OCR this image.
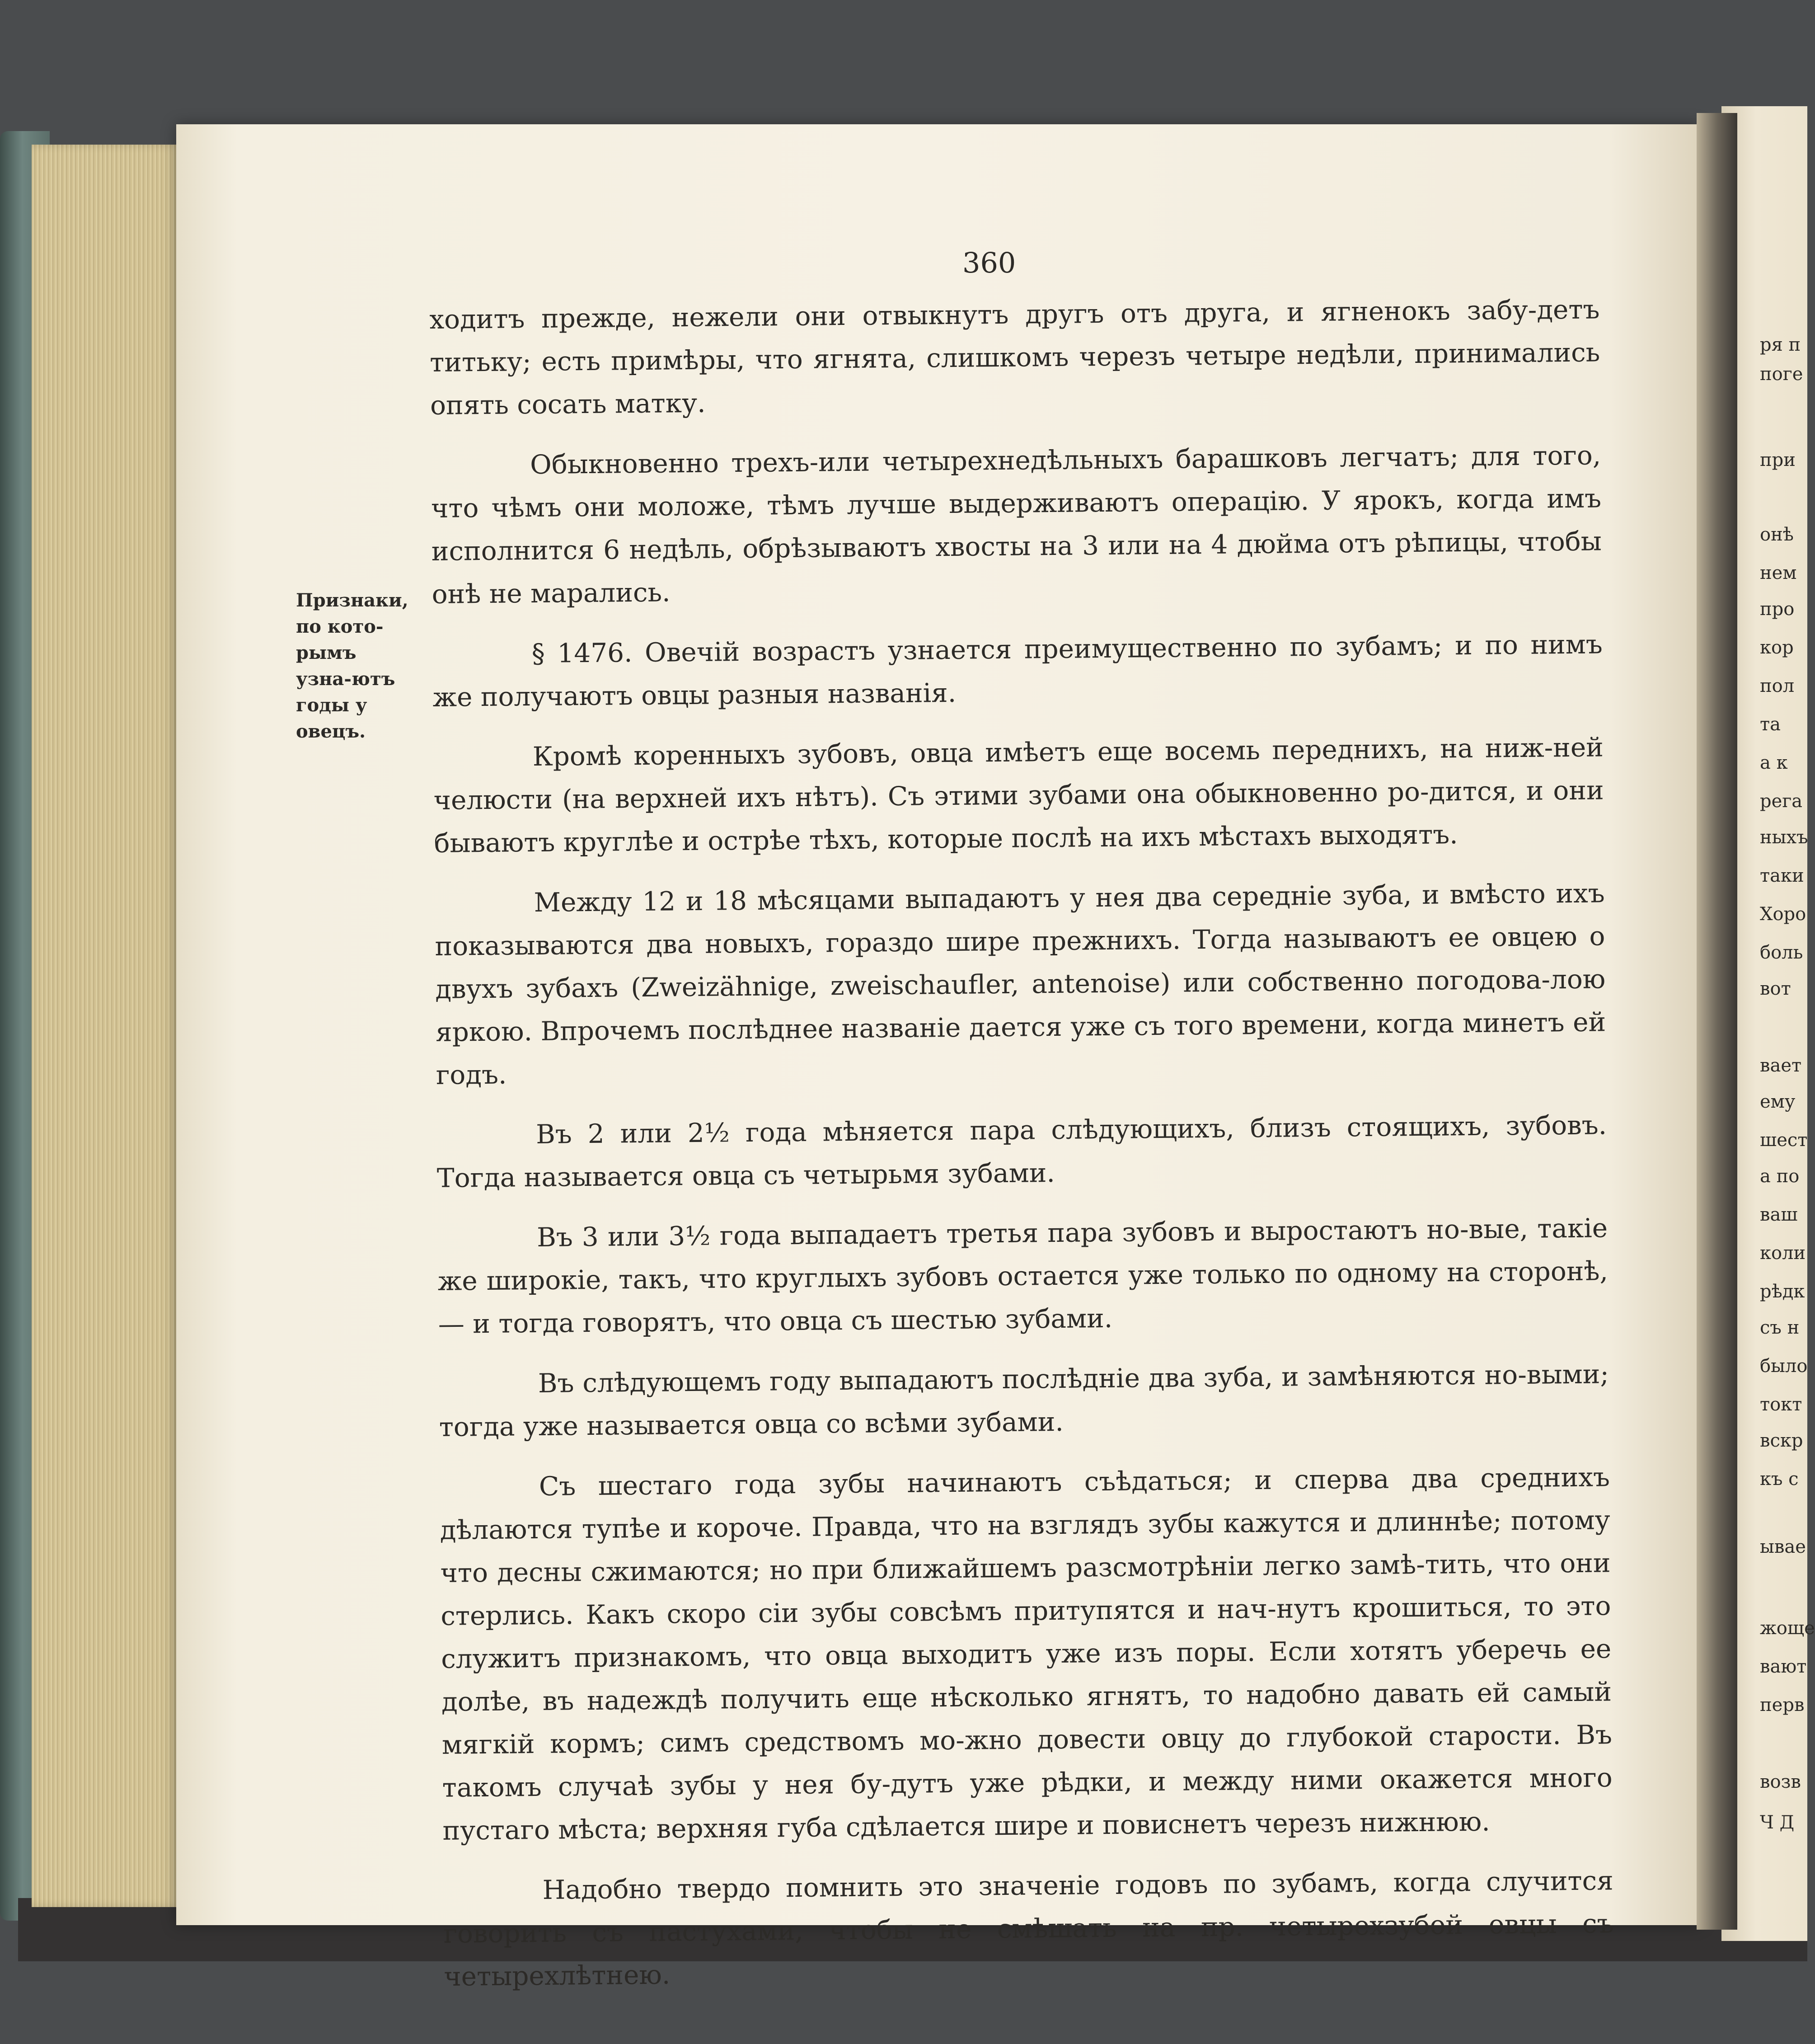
360
Признаки, по кото-рымъ узна-ютъ годы у овецъ.

ходитъ прежде, нежели они отвыкнутъ другъ отъ друга, и ягненокъ забу-детъ титьку; есть примѣры, что ягнята, слишкомъ черезъ четыре недѣли, принимались опять сосать матку.

Обыкновенно трехъ-или четырехнедѣльныхъ барашковъ легчатъ; для того, что чѣмъ они моложе, тѣмъ лучше выдерживаютъ операцію. У ярокъ, когда имъ исполнится 6 недѣль, обрѣзываютъ хвосты на 3 или на 4 дюйма отъ рѣпицы, чтобы онѣ не марались.

§ 1476. Овечій возрастъ узнается преимущественно по зубамъ; и по нимъ же получаютъ овцы разныя названія.

Кромѣ коренныхъ зубовъ, овца имѣетъ еще восемь переднихъ, на ниж-ней челюсти (на верхней ихъ нѣтъ). Съ этими зубами она обыкновенно ро-дится, и они бываютъ круглѣе и острѣе тѣхъ, которые послѣ на ихъ мѣстахъ выходятъ.

Между 12 и 18 мѣсяцами выпадаютъ у нея два середніе зуба, и вмѣсто ихъ показываются два новыхъ, гораздо шире прежнихъ. Тогда называютъ ее овцею о двухъ зубахъ (Zweizähnige, zweischaufler, antenoise) или собственно погодова-лою яркою. Впрочемъ послѣднее названіе дается уже съ того времени, когда минетъ ей годъ.

Въ 2 или 2½ года мѣняется пара слѣдующихъ, близъ стоящихъ, зубовъ. Тогда называется овца съ четырьмя зубами.

Въ 3 или 3½ года выпадаетъ третья пара зубовъ и выростаютъ но-вые, такіе же широкіе, такъ, что круглыхъ зубовъ остается уже только по одному на сторонѣ, — и тогда говорятъ, что овца съ шестью зубами.

Въ слѣдующемъ году выпадаютъ послѣдніе два зуба, и замѣняются но-выми; тогда уже называется овца со всѣми зубами.

Съ шестаго года зубы начинаютъ съѣдаться; и сперва два среднихъ дѣлаются тупѣе и короче. Правда, что на взглядъ зубы кажутся и длиннѣе; потому что десны сжимаются; но при ближайшемъ разсмотрѣніи легко замѣ-тить, что они стерлись. Какъ скоро сіи зубы совсѣмъ притупятся и нач-нутъ крошиться, то это служитъ признакомъ, что овца выходитъ уже изъ поры. Если хотятъ уберечь ее долѣе, въ надеждѣ получить еще нѣсколько ягнятъ, то надобно давать ей самый мягкій кормъ; симъ средствомъ мо-жно довести овцу до глубокой старости. Въ такомъ случаѣ зубы у нея бу-дутъ уже рѣдки, и между ними окажется много пустаго мѣста; верхняя губа сдѣлается шире и повиснетъ черезъ нижнюю.

Надобно твердо помнить это значеніе годовъ по зубамъ, когда случится говорить съ пастухами, чтобы не смѣшать на пр. четырехзубой овцы съ четырехлѣтнею.

ря п
поге
при
онѣ
нем
про
кор
пол
та
а к
рега
ныхъ
таки
Хоро
боль
вот
вает
ему
шест
а по
ваш
коли
рѣдк
съ н
было
токт
вскр
къ с
ывае
жоще
вают
перв
возв
Ч Д
